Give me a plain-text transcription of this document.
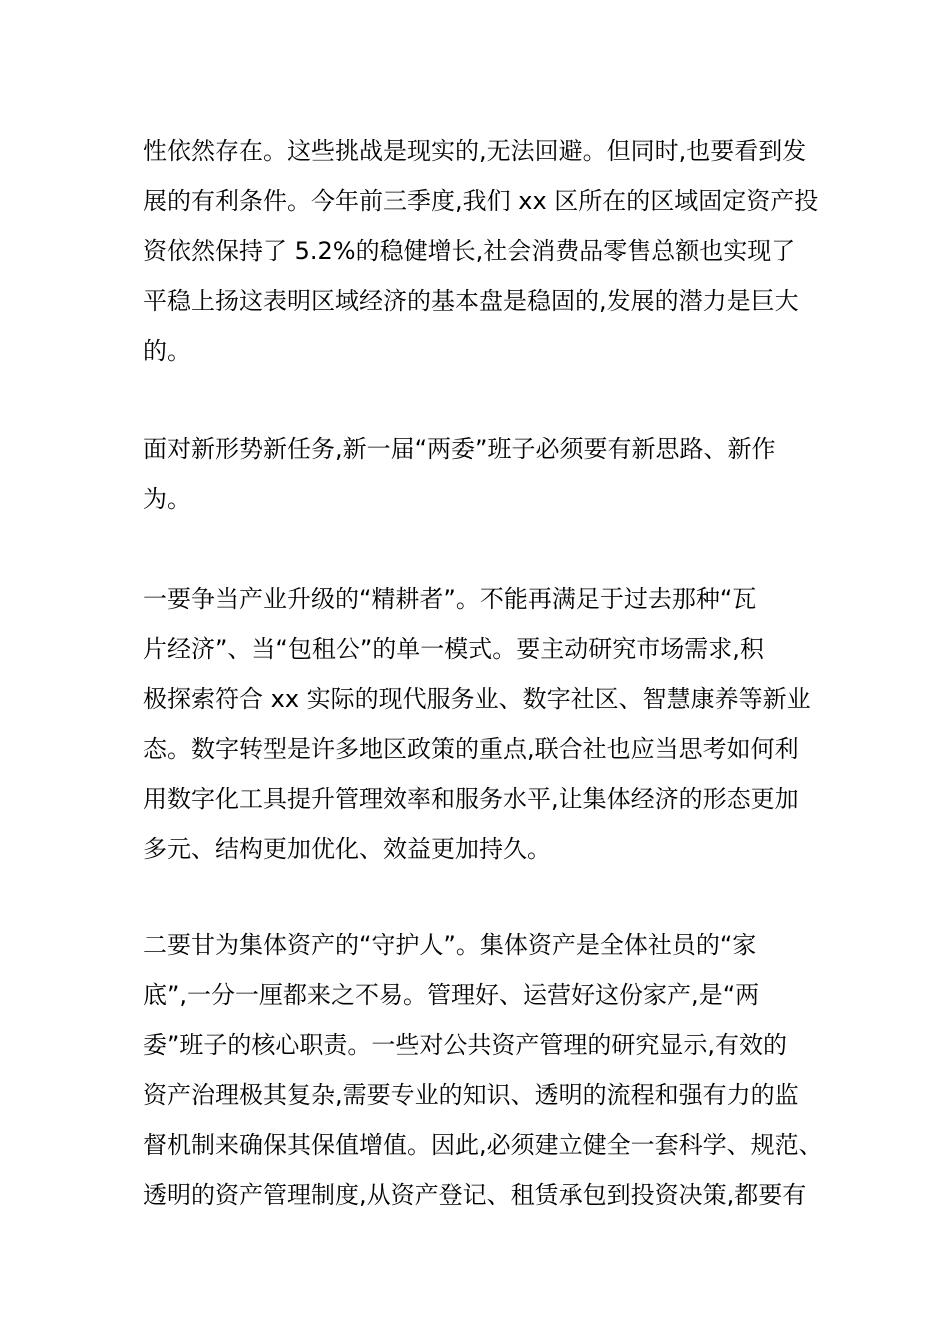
性依然存在。这些挑战是现实的,无法回避。但同时,也要看到发
展的有利条件。今年前三季度,我们 xx 区所在的区域固定资产投
资依然保持了 5.2%的稳健增长,社会消费品零售总额也实现了
平稳上扬这表明区域经济的基本盘是稳固的,发展的潜力是巨大
的。
面对新形势新任务,新一届“两委”班子必须要有新思路、新作
为。
一要争当产业升级的“精耕者”。不能再满足于过去那种“瓦
片经济”、当“包租公”的单一模式。要主动研究市场需求,积
极探索符合 xx 实际的现代服务业、数字社区、智慧康养等新业
态。数字转型是许多地区政策的重点,联合社也应当思考如何利
用数字化工具提升管理效率和服务水平,让集体经济的形态更加
多元、结构更加优化、效益更加持久。
二要甘为集体资产的“守护人”。集体资产是全体社员的“家
底”,一分一厘都来之不易。管理好、运营好这份家产,是“两
委”班子的核心职责。一些对公共资产管理的研究显示,有效的
资产治理极其复杂,需要专业的知识、透明的流程和强有力的监
督机制来确保其保值增值。因此,必须建立健全一套科学、规范、
透明的资产管理制度,从资产登记、租赁承包到投资决策,都要有
